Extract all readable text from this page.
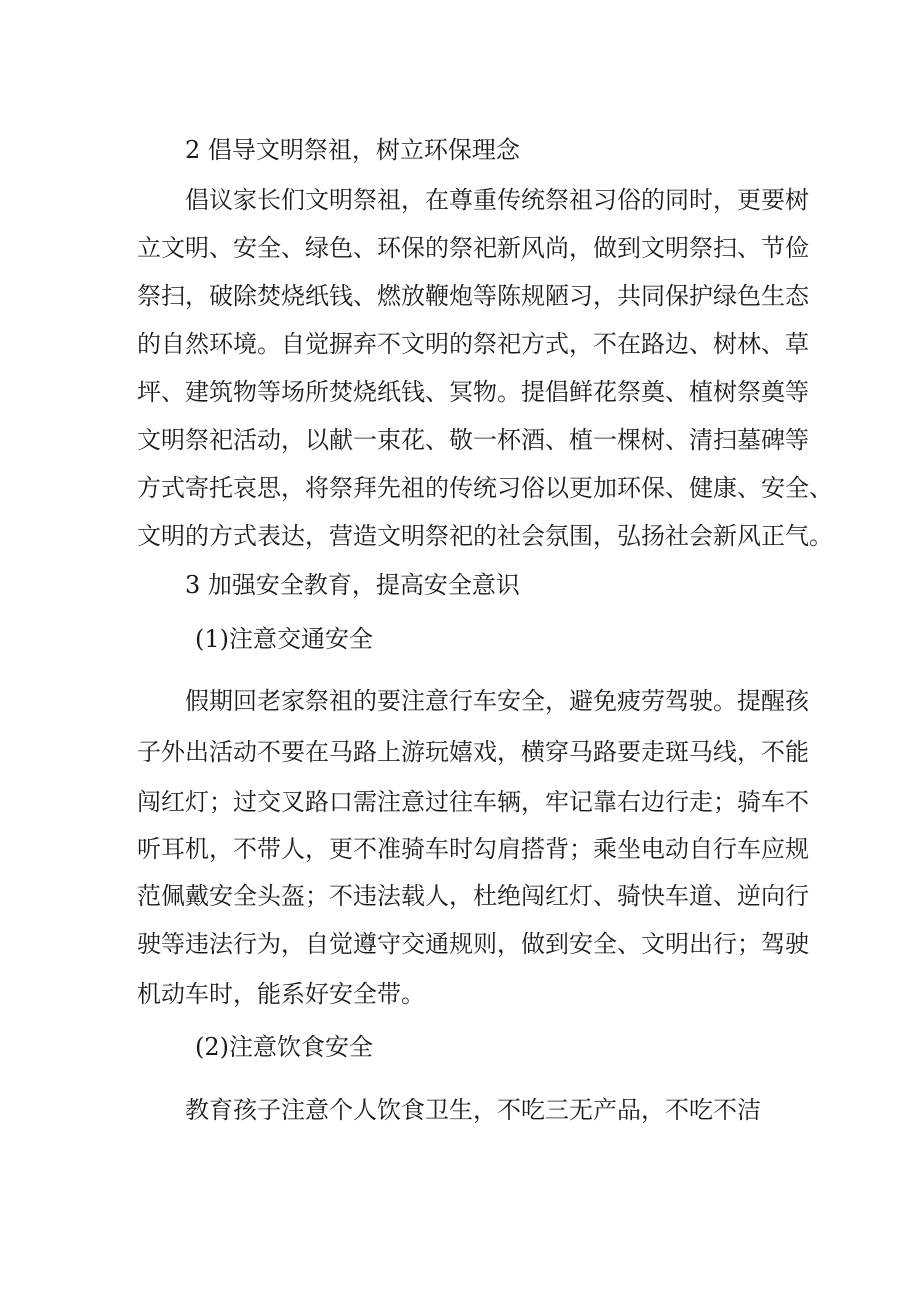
2 倡导文明祭祖，树立环保理念
倡议家长们文明祭祖，在尊重传统祭祖习俗的同时，更要树
立文明、安全、绿色、环保的祭祀新风尚，做到文明祭扫、节俭
祭扫，破除焚烧纸钱、燃放鞭炮等陈规陋习，共同保护绿色生态
的自然环境。自觉摒弃不文明的祭祀方式，不在路边、树林、草
坪、建筑物等场所焚烧纸钱、冥物。提倡鲜花祭奠、植树祭奠等
文明祭祀活动，以献一束花、敬一杯酒、植一棵树、清扫墓碑等
方式寄托哀思，将祭拜先祖的传统习俗以更加环保、健康、安全、
文明的方式表达，营造文明祭祀的社会氛围，弘扬社会新风正气。
3 加强安全教育，提高安全意识
(1)注意交通安全
假期回老家祭祖的要注意行车安全，避免疲劳驾驶。提醒孩
子外出活动不要在马路上游玩嬉戏，横穿马路要走斑马线，不能
闯红灯；过交叉路口需注意过往车辆，牢记靠右边行走；骑车不
听耳机，不带人，更不准骑车时勾肩搭背；乘坐电动自行车应规
范佩戴安全头盔；不违法载人，杜绝闯红灯、骑快车道、逆向行
驶等违法行为，自觉遵守交通规则，做到安全、文明出行；驾驶
机动车时，能系好安全带。
(2)注意饮食安全
教育孩子注意个人饮食卫生，不吃三无产品，不吃不洁
